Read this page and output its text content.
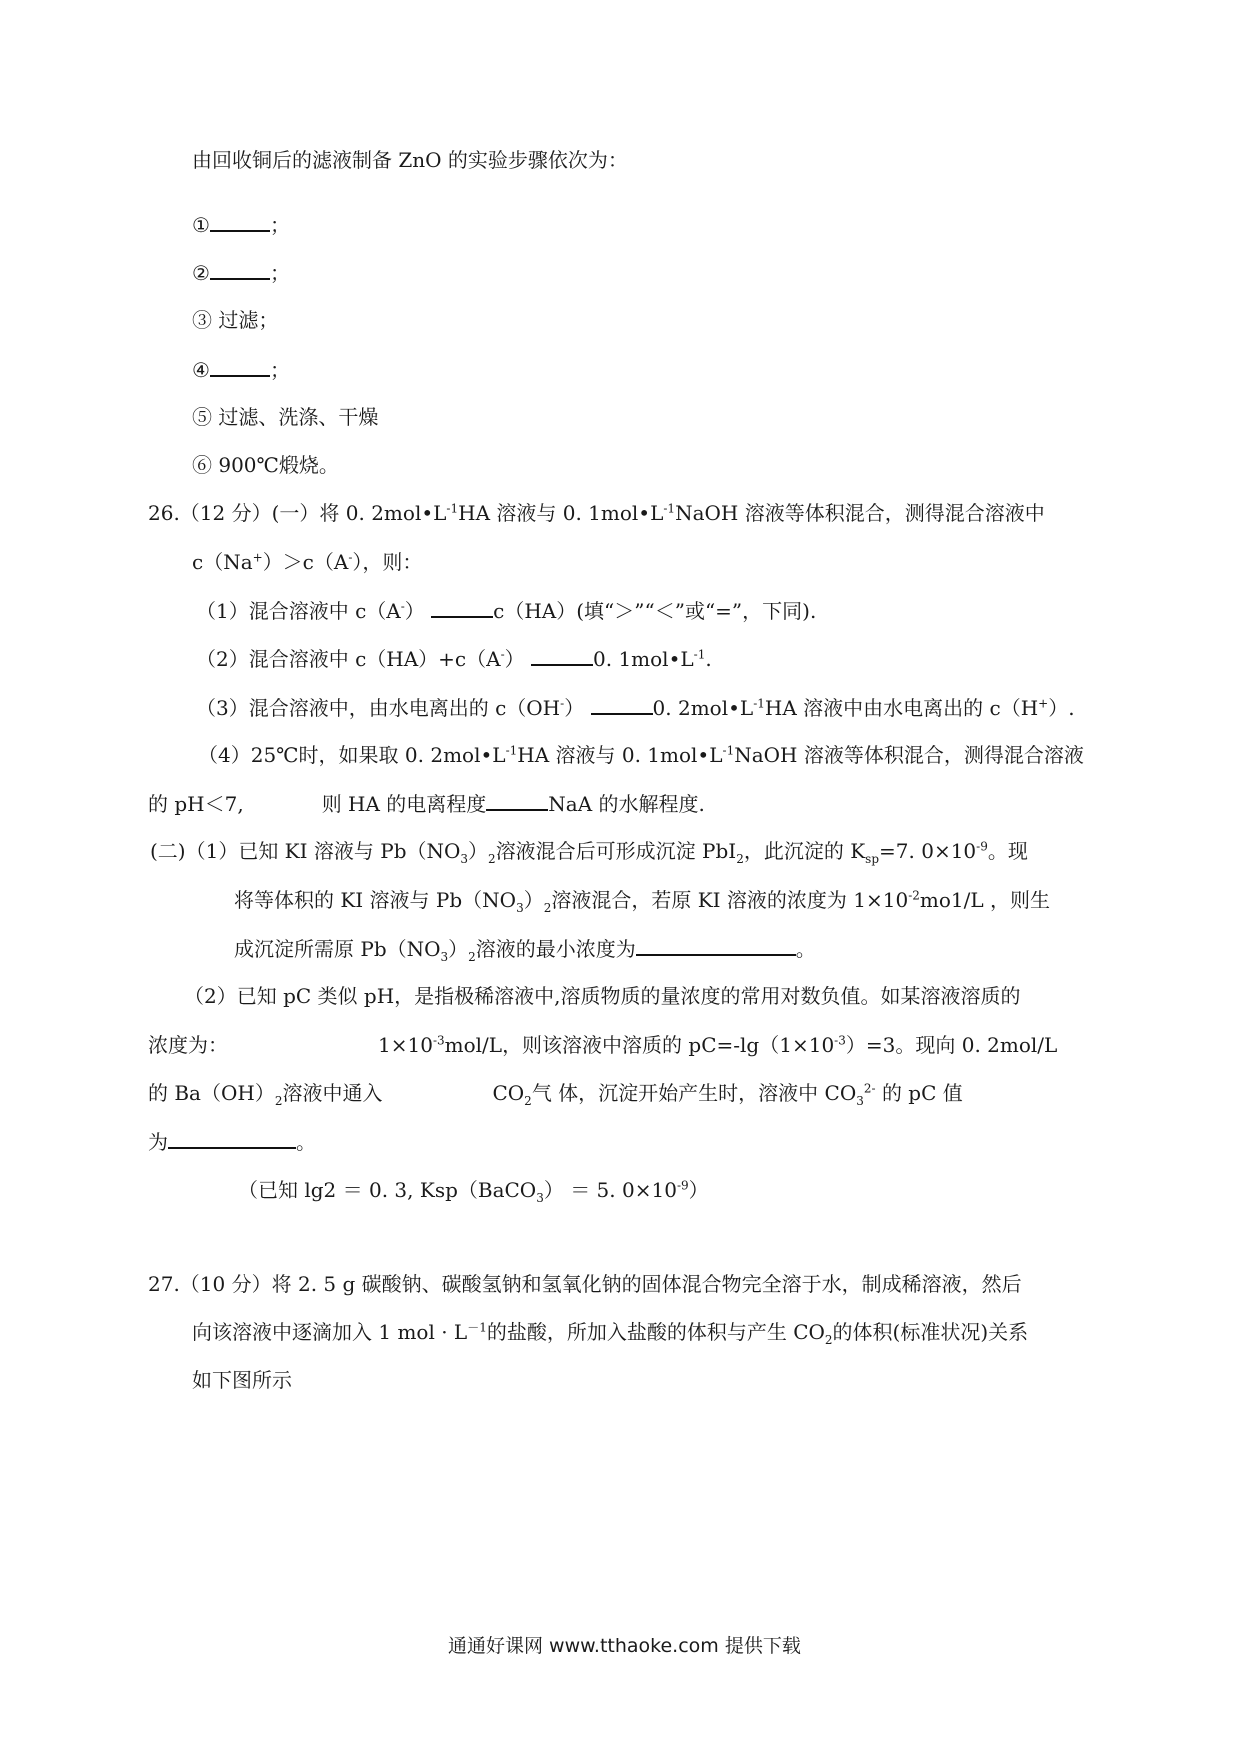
由回收铜后的滤液制备 ZnO 的实验步骤依次为：
①	；
②	；
③ 过滤；
④	；
⑤ 过滤、洗涤、干燥
⑥ 900℃煅烧。
26.（12 分）(一）将 0. $2mol•L^{-1}HA$ 溶液与 0. $1mol•L^{-1}NaOH$ 溶液等体积混合，测得混合溶液中
c（Na+）＞c（A-），则：
（1）混合溶液中 c（A-）	c（HA）(填“＞”“＜”或“=”，下同).
（2）混合溶液中 c（HA）+c（A-）	0. $1mol•L^{-1}$.
（3）混合溶液中，由水电离出的 c（OH-）	0. $2mol•L^{-1}HA$ 溶液中由水电离出的 c（H+）.
（4）25℃时，如果取 0. $2mol•L^{-1}HA$ 溶液与 0. $1mol•L^{-1}NaOH$ 溶液等体积混合，测得混合溶液
的 pH＜7,	则 HA 的电离程度	NaA 的水解程度.
(二)（1）已知 KI 溶液与 $Pb(NO_3)_2$溶液混合后可形成沉淀 PbI$_2$，此沉淀的 $K_{sp}=7$. $0\times 10^{-9}$。现
将等体积的 KI 溶液与 $Pb(NO_3)_2$溶液混合，若原 KI 溶液的浓度为 $1\times 10^{-2}mo1/L$ ，则生
成沉淀所需原 $Pb(NO_3)_2$溶液的最小浓度为	。
（2）已知 pC 类似 pH，是指极稀溶液中,溶质物质的量浓度的常用对数负值。如某溶液溶质的
浓度为：	$1\times 10^{-3}mol/L$，则该溶液中溶质的 $pC=-\lg(1\times 10^{-3})=3$。现向 0. 2mol/L
的 $Ba(OH)_2$溶液中通入	$CO_2$气 体，沉淀开始产生时，溶液中 $CO_3^{2-}$ 的 pC 值
为	。
（已知 lg2 ＝ 0. 3, Ksp（BaCO$_3$） ＝ 5. $0\times 10^{-9}$）
27.（10 分）将 2. 5 g 碳酸钠、碳酸氢钠和氢氧化钠的固体混合物完全溶于水，制成稀溶液，然后
向该溶液中逐滴加入 1 mol · $L^{-1}$的盐酸，所加入盐酸的体积与产生 $CO_2$的体积(标准状况)关系
如下图所示
通通好课网 www.tthaoke.com 提供下载
